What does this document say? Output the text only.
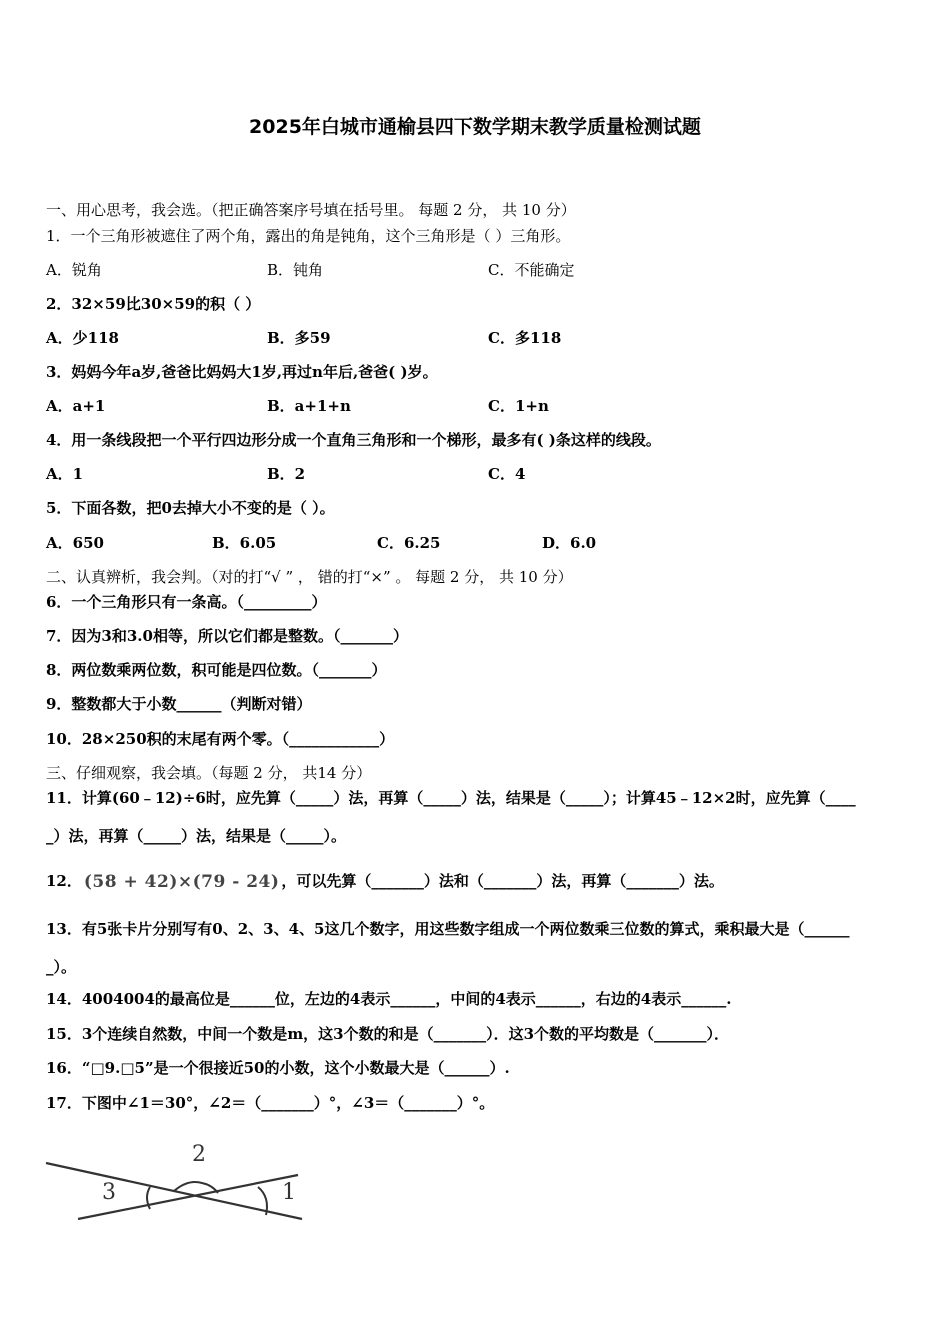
2025年白城市通榆县四下数学期末教学质量检测试题
一、用心思考，我会选。（把正确答案序号填在括号里。 每题 2 分， 共 10 分）
1．一个三角形被遮住了两个角，露出的角是钝角，这个三角形是（ ）三角形。
A．锐角	B．钝角	C．不能确定
2．32×59比30×59的积（ ）
A．少118	B．多59	C．多118
3．妈妈今年a岁,爸爸比妈妈大1岁,再过n年后,爸爸( )岁。
A．a+1	B．a+1+n	C．1+n
4．用一条线段把一个平行四边形分成一个直角三角形和一个梯形，最多有( )条这样的线段。
A．1	B．2	C．4
5．下面各数，把0去掉大小不变的是（ ）。
A．650	B．6.05	C．6.25	D．6.0
二、认真辨析，我会判。（对的打“√ ” ， 错的打“×” 。 每题 2 分， 共 10 分）
6．一个三角形只有一条高。（_________）
7．因为3和3.0相等，所以它们都是整数。（_______）
8．两位数乘两位数，积可能是四位数。（_______）
9．整数都大于小数______（判断对错）
10．28×250积的末尾有两个零。（____________）
三、仔细观察，我会填。（每题 2 分， 共14 分）
11．计算(60﹣12)÷6时，应先算（_____）法，再算（_____）法，结果是（_____）；计算45﹣12×2时，应先算（____
_）法，再算（_____）法，结果是（_____）。
12． (58 + 42)×(79 - 24) ，可以先算（_______）法和（_______）法，再算（_______）法。
13．有5张卡片分别写有0、2、3、4、5这几个数字，用这些数字组成一个两位数乘三位数的算式，乘积最大是（______
_）。
14．4004004的最高位是______位，左边的4表示______，中间的4表示______，右边的4表示______.
15．3个连续自然数，中间一个数是m，这3个数的和是（_______）．这3个数的平均数是（_______）．
16．“□9.□5”是一个很接近50的小数，这个小数最大是（______）.
17．下图中∠1＝30°，∠2＝（_______）°，∠3＝（_______）°。
2
3	1
